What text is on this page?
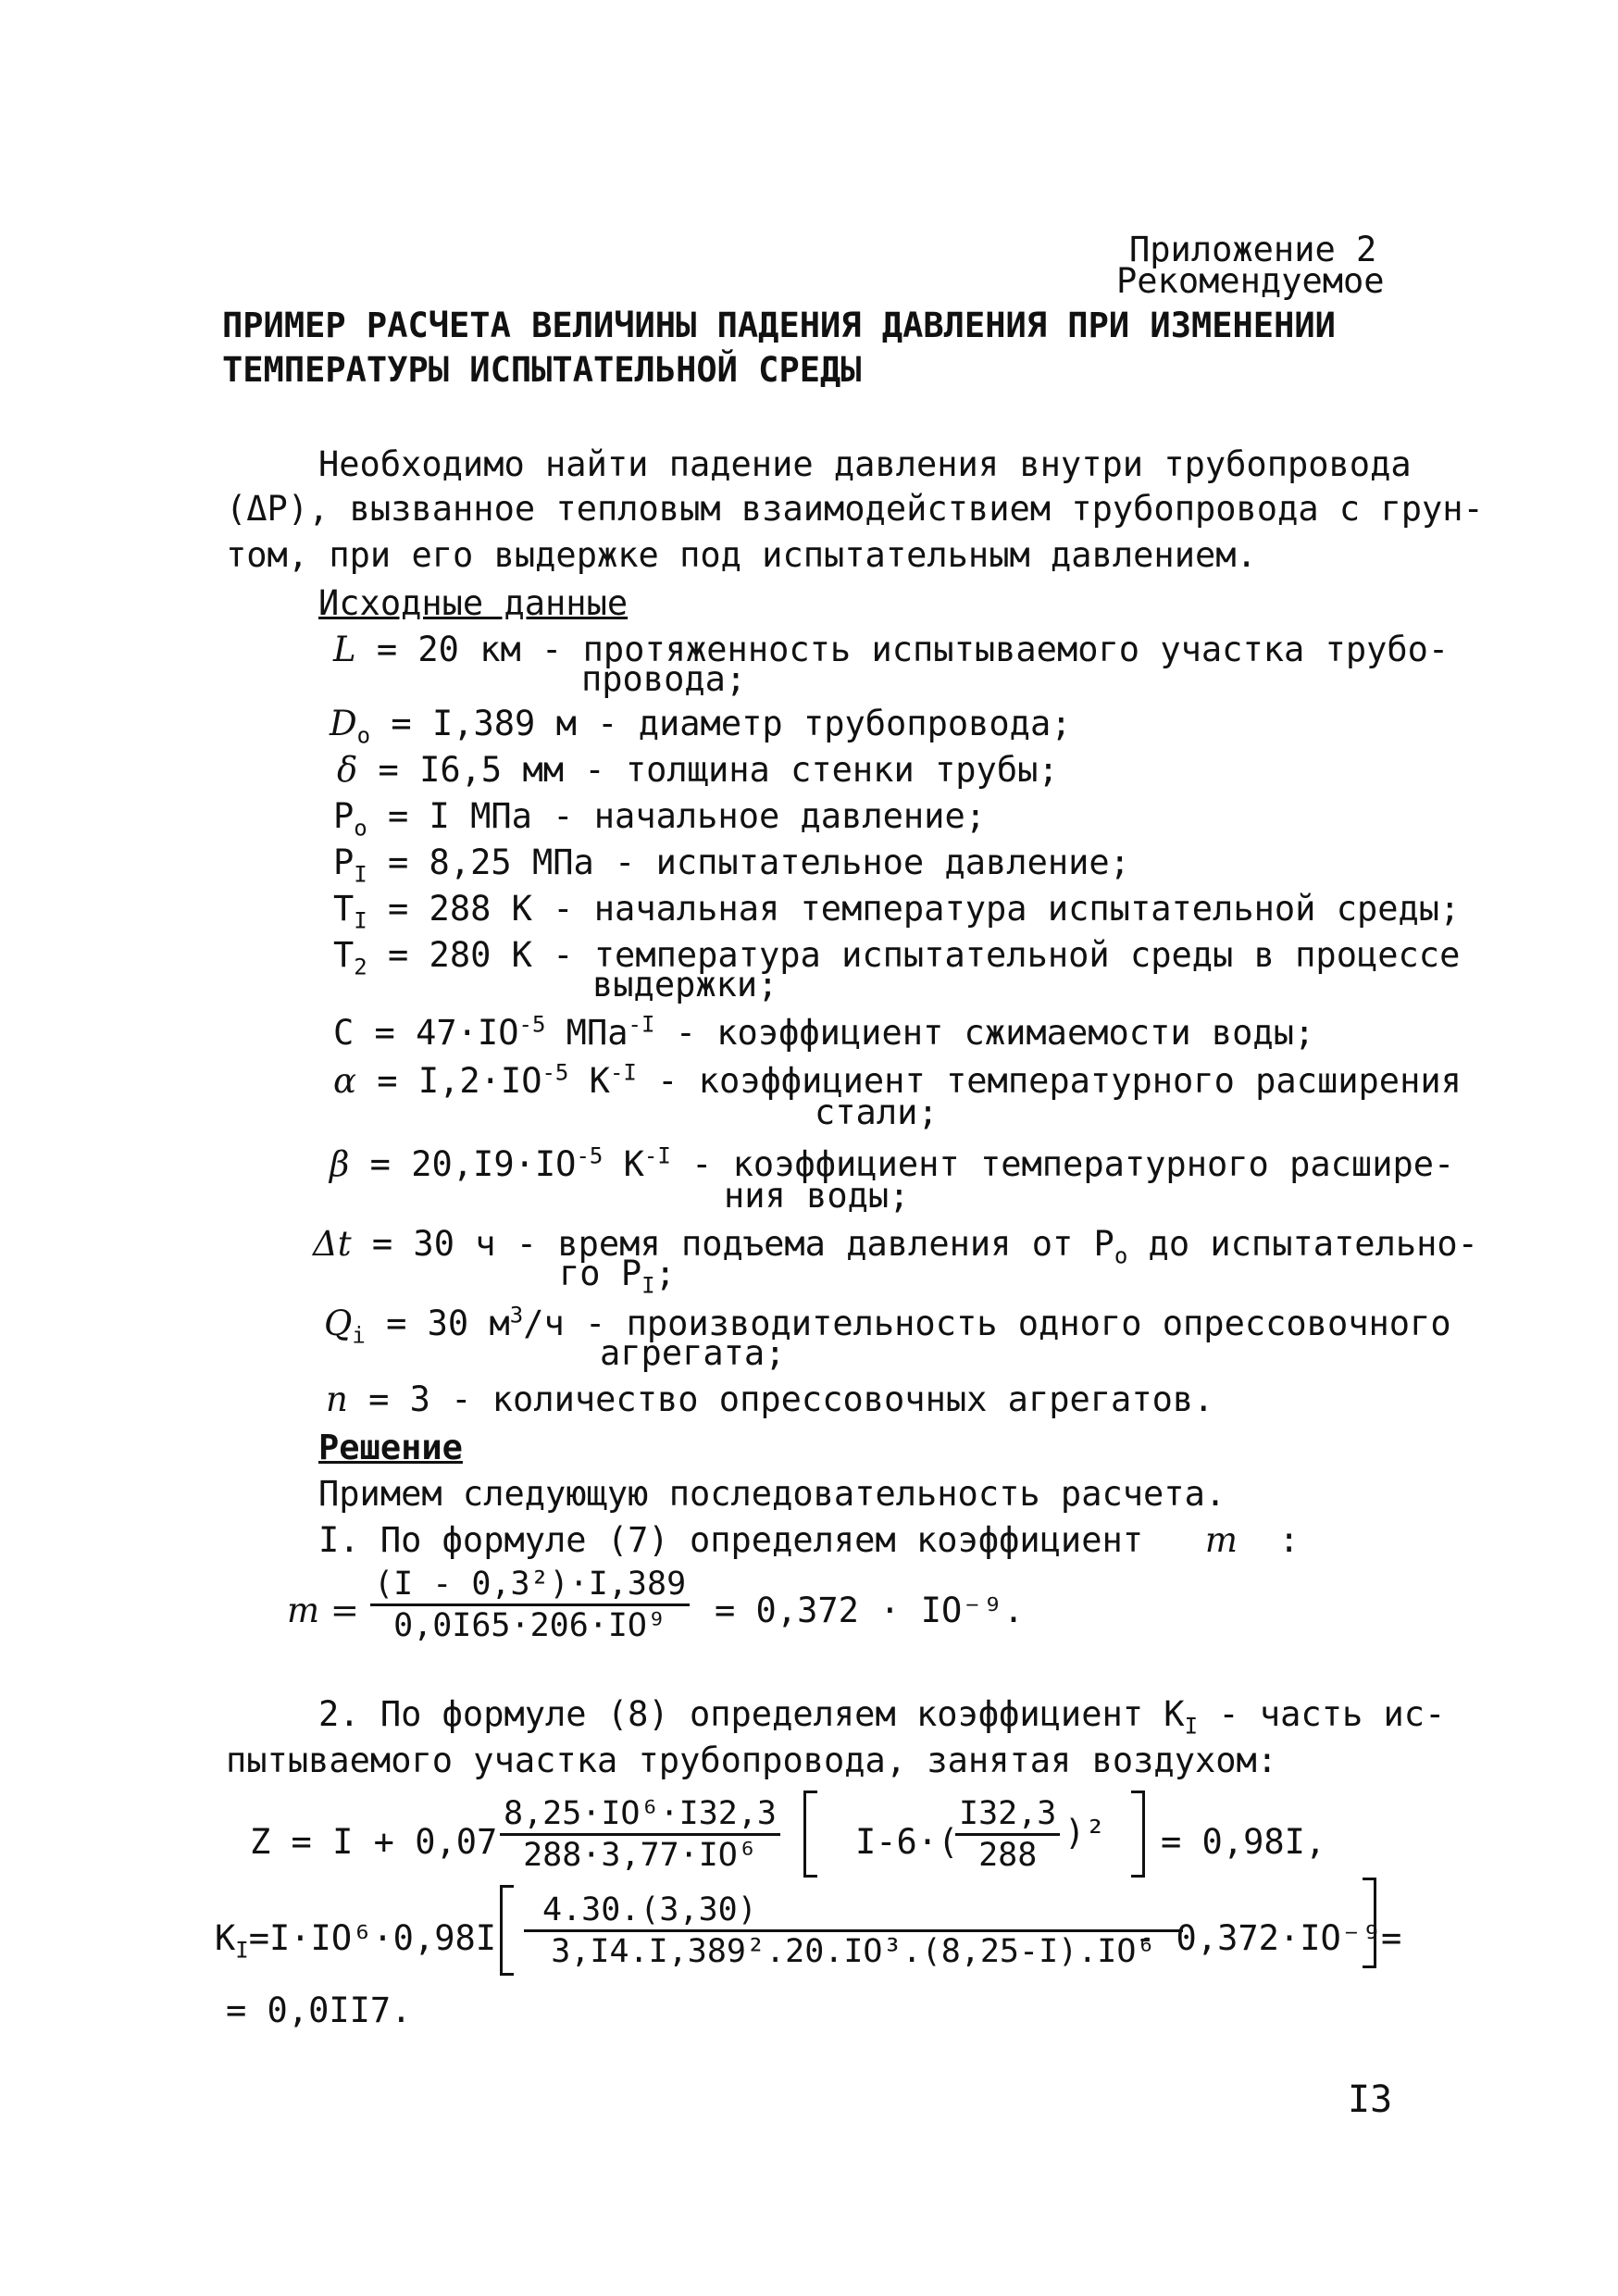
Приложение 2
Рекомендуемое
ПРИМЕР РАСЧЕТА ВЕЛИЧИНЫ ПАДЕНИЯ ДАВЛЕНИЯ ПРИ ИЗМЕНЕНИИ
ТЕМПЕРАТУРЫ ИСПЫТАТЕЛЬНОЙ СРЕДЫ
Необходимо найти падение давления внутри трубопровода
(ΔP), вызванное тепловым взаимодействием трубопровода с грун-
том, при его выдержке под испытательным давлением.
Исходные данные
L = 20 км - протяженность испытываемого участка трубо-
провода;
$D_o = I,389$ м - диаметр трубопровода;
δ = I6,5 мм - толщина стенки трубы;
$P_o = I$ МПа - начальное давление;
$P_I = 8,25$ МПа - испытательное давление;
$T_I = 288$ К - начальная температура испытательной среды;
$T_2 = 280$ К - температура испытательной среды в процессе
выдержки;
$C = 47\cdot IO^{-5}$ МПа$^{-I}$ - коэффициент сжимаемости воды;
$\alpha = I,2\cdot IO^{-5}$ $К^{-I}$ - коэффициент температурного расширения
стали;
$\beta = 20,I9\cdot IO^{-5}$ $К^{-I}$ - коэффициент температурного расшире-
ния воды;
Δt = 30 ч - время подъема давления от $P_o$ до испытательно-
го $P_I$;
$Q_i = 30$ $м^3/ч$ - производительность одного опрессовочного
агрегата;
n = 3 - количество опрессовочных агрегатов.
Решение
Примем следующую последовательность расчета.
I. По формуле (7) определяем коэффициент m :
$m = \frac{\text{(I - 0,3²)·I,389}}{\text{0,0I65·206·IO⁹}} = 0,372 \cdot IO^{-9}$.
2. По формуле (8) определяем коэффициент $K_I$ - часть ис-
пытываемого участка трубопровода, занятая воздухом:
$Z = I + 0,07 \frac{\text{8,25·IO⁶·I32,3}}{\text{288·3,77·IO⁶}} I-6\cdot$(
$\frac{I32,3}{288} )^2 = 0,98I$,
$K_I=I\cdot IO^6\cdot 0,98I \frac{4.30.(3,30)}{\text{3,I4.I,389².20.IO³.(8,25-I).IO⁶}}$
- 0,372·IO⁻⁹
=
= 0,0II7.
I3
